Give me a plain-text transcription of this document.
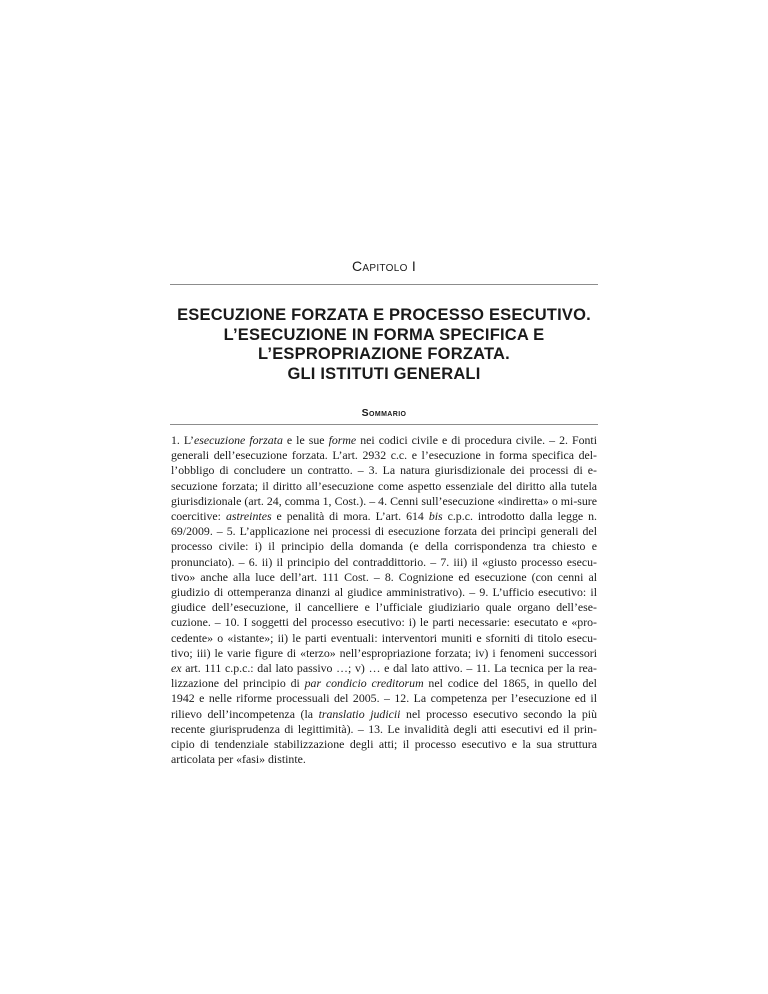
Capitolo I
ESECUZIONE FORZATA E PROCESSO ESECUTIVO.
L’ESECUZIONE IN FORMA SPECIFICA E
L’ESPROPRIAZIONE FORZATA.
GLI ISTITUTI GENERALI
Sommario
1. L’esecuzione forzata e le sue forme nei codici civile e di procedura civile. – 2. Fonti generali dell’esecuzione forzata. L’art. 2932 c.c. e l’esecuzione in forma specifica del-l’obbligo di concludere un contratto. – 3. La natura giurisdizionale dei processi di e-secuzione forzata; il diritto all’esecuzione come aspetto essenziale del diritto alla tutela giurisdizionale (art. 24, comma 1, Cost.). – 4. Cenni sull’esecuzione «indiretta» o mi-sure coercitive: astreintes e penalità di mora. L’art. 614 bis c.p.c. introdotto dalla legge n. 69/2009. – 5. L’applicazione nei processi di esecuzione forzata dei princìpi generali del processo civile: i) il principio della domanda (e della corrispondenza tra chiesto e pronunciato). – 6. ii) il principio del contraddittorio. – 7. iii) il «giusto processo esecu-tivo» anche alla luce dell’art. 111 Cost. – 8. Cognizione ed esecuzione (con cenni al giudizio di ottemperanza dinanzi al giudice amministrativo). – 9. L’ufficio esecutivo: il giudice dell’esecuzione, il cancelliere e l’ufficiale giudiziario quale organo dell’ese-cuzione. – 10. I soggetti del processo esecutivo: i) le parti necessarie: esecutato e «pro-cedente» o «istante»; ii) le parti eventuali: interventori muniti e sforniti di titolo esecu-tivo; iii) le varie figure di «terzo» nell’espropriazione forzata; iv) i fenomeni successori ex art. 111 c.p.c.: dal lato passivo …; v) … e dal lato attivo. – 11. La tecnica per la rea-lizzazione del principio di par condicio creditorum nel codice del 1865, in quello del 1942 e nelle riforme processuali del 2005. – 12. La competenza per l’esecuzione ed il rilievo dell’incompetenza (la translatio judicii nel processo esecutivo secondo la più recente giurisprudenza di legittimità). – 13. Le invalidità degli atti esecutivi ed il prin-cipio di tendenziale stabilizzazione degli atti; il processo esecutivo e la sua struttura articolata per «fasi» distinte.
